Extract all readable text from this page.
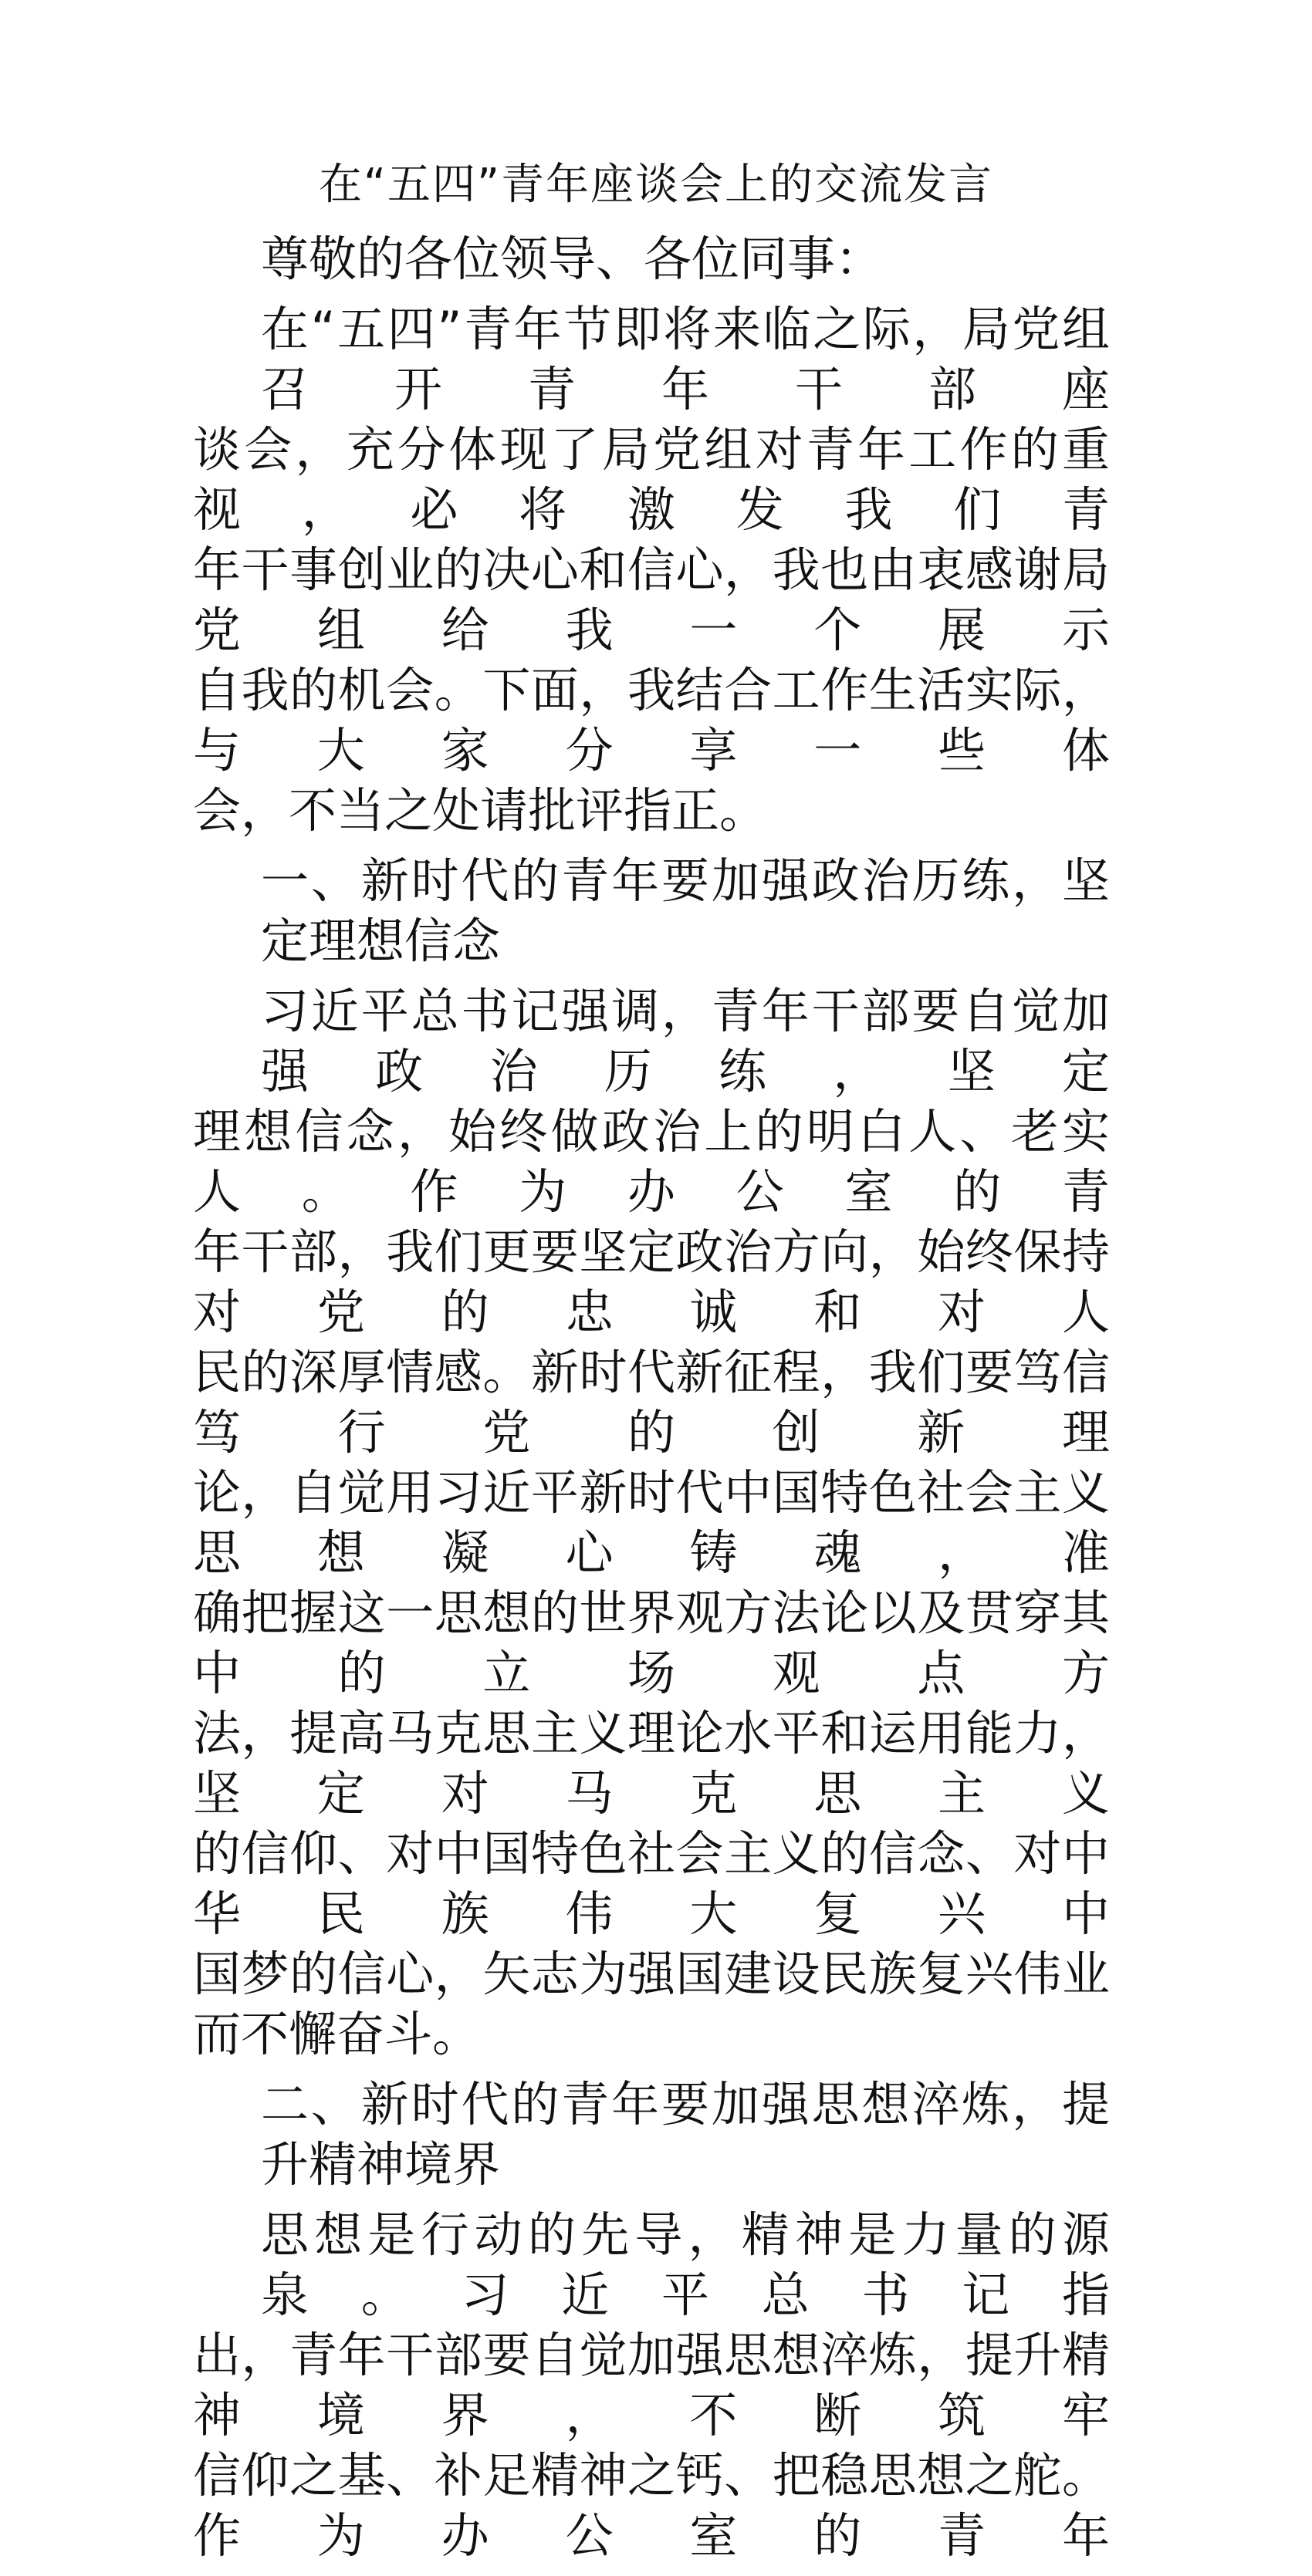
在“五四”青年座谈会上的交流发言
尊敬的各位领导、各位同事：
在“五四”青年节即将来临之际，局党组召开青年干部座
谈会，充分体现了局党组对青年工作的重视，必将激发我们青
年干事创业的决心和信心，我也由衷感谢局党组给我一个展示
自我的机会。下面，我结合工作生活实际，与大家分享一些体
会，不当之处请批评指正。
一、新时代的青年要加强政治历练，坚定理想信念
习近平总书记强调，青年干部要自觉加强政治历练，坚定
理想信念，始终做政治上的明白人、老实人。作为办公室的青
年干部，我们更要坚定政治方向，始终保持对党的忠诚和对人
民的深厚情感。新时代新征程，我们要笃信笃行党的创新理
论，自觉用习近平新时代中国特色社会主义思想凝心铸魂，准
确把握这一思想的世界观方法论以及贯穿其中的立场观点方
法，提高马克思主义理论水平和运用能力，坚定对马克思主义
的信仰、对中国特色社会主义的信念、对中华民族伟大复兴中
国梦的信心，矢志为强国建设民族复兴伟业而不懈奋斗。
二、新时代的青年要加强思想淬炼，提升精神境界
思想是行动的先导，精神是力量的源泉。习近平总书记指
出，青年干部要自觉加强思想淬炼，提升精神境界，不断筑牢
信仰之基、补足精神之钙、把稳思想之舵。作为办公室的青年
